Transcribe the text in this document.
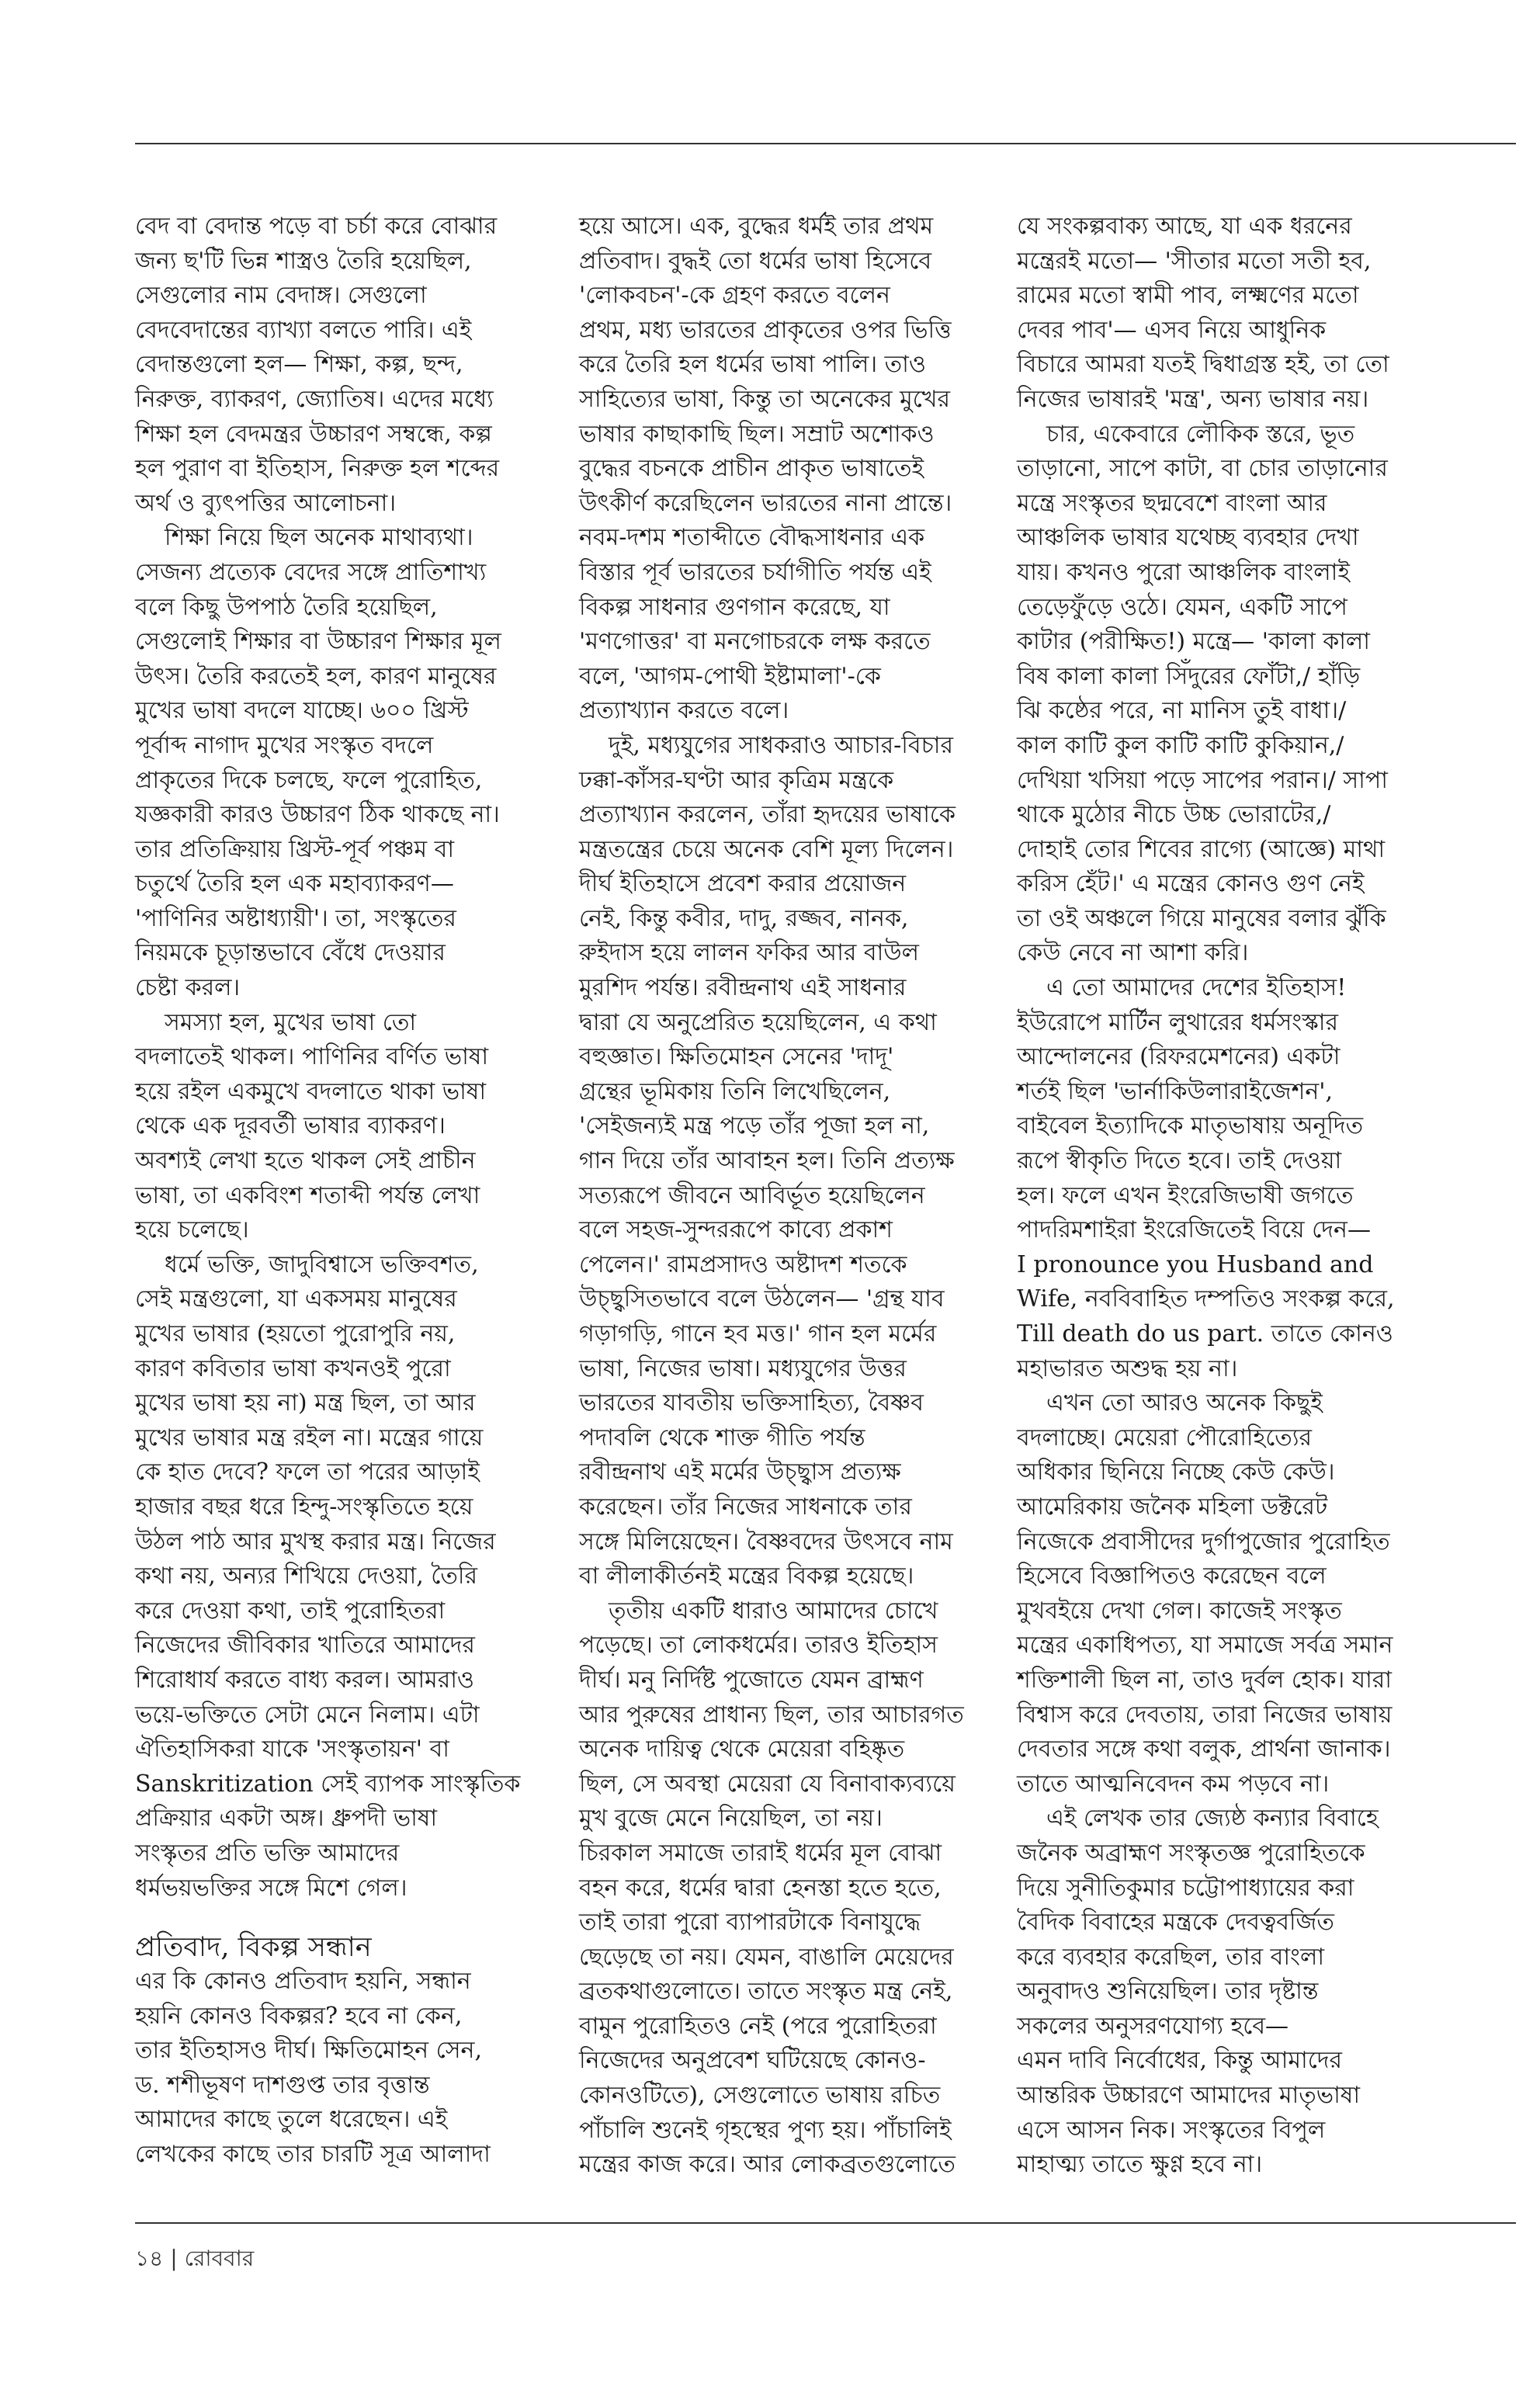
বেদ বা বেদান্ত পড়ে বা চর্চা করে বোঝার
জন্য ছ'টি ভিন্ন শাস্ত্রও তৈরি হয়েছিল,
সেগুলোর নাম বেদাঙ্গ। সেগুলো
বেদবেদান্তের ব্যাখ্যা বলতে পারি। এই
বেদান্তগুলো হল— শিক্ষা, কল্প, ছন্দ,
নিরুক্ত, ব্যাকরণ, জ্যোতিষ। এদের মধ্যে
শিক্ষা হল বেদমন্ত্রর উচ্চারণ সম্বন্ধে, কল্প
হল পুরাণ বা ইতিহাস, নিরুক্ত হল শব্দের
অর্থ ও ব্যুৎপত্তির আলোচনা।
শিক্ষা নিয়ে ছিল অনেক মাথাব্যথা।
সেজন্য প্রত্যেক বেদের সঙ্গে প্রাতিশাখ্য
বলে কিছু উপপাঠ তৈরি হয়েছিল,
সেগুলোই শিক্ষার বা উচ্চারণ শিক্ষার মূল
উৎস। তৈরি করতেই হল, কারণ মানুষের
মুখের ভাষা বদলে যাচ্ছে। ৬০০ খ্রিস্ট
পূর্বাব্দ নাগাদ মুখের সংস্কৃত বদলে
প্রাকৃতের দিকে চলছে, ফলে পুরোহিত,
যজ্ঞকারী কারও উচ্চারণ ঠিক থাকছে না।
তার প্রতিক্রিয়ায় খ্রিস্ট-পূর্ব পঞ্চম বা
চতুর্থে তৈরি হল এক মহাব্যাকরণ—
'পাণিনির অষ্টাধ্যায়ী'। তা, সংস্কৃতের
নিয়মকে চূড়ান্তভাবে বেঁধে দেওয়ার
চেষ্টা করল।
সমস্যা হল, মুখের ভাষা তো
বদলাতেই থাকল। পাণিনির বর্ণিত ভাষা
হয়ে রইল একমুখে বদলাতে থাকা ভাষা
থেকে এক দূরবর্তী ভাষার ব্যাকরণ।
অবশ্যই লেখা হতে থাকল সেই প্রাচীন
ভাষা, তা একবিংশ শতাব্দী পর্যন্ত লেখা
হয়ে চলেছে।
ধর্মে ভক্তি, জাদুবিশ্বাসে ভক্তিবশত,
সেই মন্ত্রগুলো, যা একসময় মানুষের
মুখের ভাষার (হয়তো পুরোপুরি নয়,
কারণ কবিতার ভাষা কখনওই পুরো
মুখের ভাষা হয় না) মন্ত্র ছিল, তা আর
মুখের ভাষার মন্ত্র রইল না। মন্ত্রের গায়ে
কে হাত দেবে? ফলে তা পরের আড়াই
হাজার বছর ধরে হিন্দু-সংস্কৃতিতে হয়ে
উঠল পাঠ আর মুখস্থ করার মন্ত্র। নিজের
কথা নয়, অন্যর শিখিয়ে দেওয়া, তৈরি
করে দেওয়া কথা, তাই পুরোহিতরা
নিজেদের জীবিকার খাতিরে আমাদের
শিরোধার্য করতে বাধ্য করল। আমরাও
ভয়ে-ভক্তিতে সেটা মেনে নিলাম। এটা
ঐতিহাসিকরা যাকে 'সংস্কৃতায়ন' বা
Sanskritization সেই ব্যাপক সাংস্কৃতিক
প্রক্রিয়ার একটা অঙ্গ। ধ্রুপদী ভাষা
সংস্কৃতর প্রতি ভক্তি আমাদের
ধর্মভয়ভক্তির সঙ্গে মিশে গেল।
প্রতিবাদ, বিকল্প সন্ধান
এর কি কোনও প্রতিবাদ হয়নি, সন্ধান
হয়নি কোনও বিকল্পর? হবে না কেন,
তার ইতিহাসও দীর্ঘ। ক্ষিতিমোহন সেন,
ড. শশীভূষণ দাশগুপ্ত তার বৃত্তান্ত
আমাদের কাছে তুলে ধরেছেন। এই
লেখকের কাছে তার চারটি সূত্র আলাদা
হয়ে আসে। এক, বুদ্ধের ধর্মই তার প্রথম
প্রতিবাদ। বুদ্ধই তো ধর্মের ভাষা হিসেবে
'লোকবচন'-কে গ্রহণ করতে বলেন
প্রথম, মধ্য ভারতের প্রাকৃতের ওপর ভিত্তি
করে তৈরি হল ধর্মের ভাষা পালি। তাও
সাহিত্যের ভাষা, কিন্তু তা অনেকের মুখের
ভাষার কাছাকাছি ছিল। সম্রাট অশোকও
বুদ্ধের বচনকে প্রাচীন প্রাকৃত ভাষাতেই
উৎকীর্ণ করেছিলেন ভারতের নানা প্রান্তে।
নবম-দশম শতাব্দীতে বৌদ্ধসাধনার এক
বিস্তার পূর্ব ভারতের চর্যাগীতি পর্যন্ত এই
বিকল্প সাধনার গুণগান করেছে, যা
'মণগোত্তর' বা মনগোচরকে লক্ষ করতে
বলে, 'আগম-পোথী ইষ্টামালা'-কে
প্রত্যাখ্যান করতে বলে।
দুই, মধ্যযুগের সাধকরাও আচার-বিচার
ঢক্কা-কাঁসর-ঘণ্টা আর কৃত্রিম মন্ত্রকে
প্রত্যাখ্যান করলেন, তাঁরা হৃদয়ের ভাষাকে
মন্ত্রতন্ত্রের চেয়ে অনেক বেশি মূল্য দিলেন।
দীর্ঘ ইতিহাসে প্রবেশ করার প্রয়োজন
নেই, কিন্তু কবীর, দাদু, রজ্জব, নানক,
রুইদাস হয়ে লালন ফকির আর বাউল
মুরশিদ পর্যন্ত। রবীন্দ্রনাথ এই সাধনার
দ্বারা যে অনুপ্রেরিত হয়েছিলেন, এ কথা
বহুজ্ঞাত। ক্ষিতিমোহন সেনের 'দাদূ'
গ্রন্থের ভূমিকায় তিনি লিখেছিলেন,
'সেইজন্যই মন্ত্র পড়ে তাঁর পূজা হল না,
গান দিয়ে তাঁর আবাহন হল। তিনি প্রত্যক্ষ
সত্যরূপে জীবনে আবির্ভূত হয়েছিলেন
বলে সহজ-সুন্দররূপে কাব্যে প্রকাশ
পেলেন।' রামপ্রসাদও অষ্টাদশ শতকে
উচ্ছ্বসিতভাবে বলে উঠলেন— 'গ্রন্থ যাব
গড়াগড়ি, গানে হব মত্ত।' গান হল মর্মের
ভাষা, নিজের ভাষা। মধ্যযুগের উত্তর
ভারতের যাবতীয় ভক্তিসাহিত্য, বৈষ্ণব
পদাবলি থেকে শাক্ত গীতি পর্যন্ত
রবীন্দ্রনাথ এই মর্মের উচ্ছ্বাস প্রত্যক্ষ
করেছেন। তাঁর নিজের সাধনাকে তার
সঙ্গে মিলিয়েছেন। বৈষ্ণবদের উৎসবে নাম
বা লীলাকীর্তনই মন্ত্রের বিকল্প হয়েছে।
তৃতীয় একটি ধারাও আমাদের চোখে
পড়েছে। তা লোকধর্মের। তারও ইতিহাস
দীর্ঘ। মনু নির্দিষ্ট পুজোতে যেমন ব্রাহ্মণ
আর পুরুষের প্রাধান্য ছিল, তার আচারগত
অনেক দায়িত্ব থেকে মেয়েরা বহিষ্কৃত
ছিল, সে অবস্থা মেয়েরা যে বিনাবাক্যব্যয়ে
মুখ বুজে মেনে নিয়েছিল, তা নয়।
চিরকাল সমাজে তারাই ধর্মের মূল বোঝা
বহন করে, ধর্মের দ্বারা হেনস্তা হতে হতে,
তাই তারা পুরো ব্যাপারটাকে বিনাযুদ্ধে
ছেড়েছে তা নয়। যেমন, বাঙালি মেয়েদের
ব্রতকথাগুলোতে। তাতে সংস্কৃত মন্ত্র নেই,
বামুন পুরোহিতও নেই (পরে পুরোহিতরা
নিজেদের অনুপ্রবেশ ঘটিয়েছে কোনও-
কোনওটিতে), সেগুলোতে ভাষায় রচিত
পাঁচালি শুনেই গৃহস্থের পুণ্য হয়। পাঁচালিই
মন্ত্রের কাজ করে। আর লোকব্রতগুলোতে
যে সংকল্পবাক্য আছে, যা এক ধরনের
মন্ত্রেরই মতো— 'সীতার মতো সতী হব,
রামের মতো স্বামী পাব, লক্ষ্মণের মতো
দেবর পাব'— এসব নিয়ে আধুনিক
বিচারে আমরা যতই দ্বিধাগ্রস্ত হই, তা তো
নিজের ভাষারই 'মন্ত্র', অন্য ভাষার নয়।
চার, একেবারে লৌকিক স্তরে, ভূত
তাড়ানো, সাপে কাটা, বা চোর তাড়ানোর
মন্ত্রে সংস্কৃতর ছদ্মবেশে বাংলা আর
আঞ্চলিক ভাষার যথেচ্ছ ব্যবহার দেখা
যায়। কখনও পুরো আঞ্চলিক বাংলাই
তেড়েফুঁড়ে ওঠে। যেমন, একটি সাপে
কাটার (পরীক্ষিত!) মন্ত্রে— 'কালা কালা
বিষ কালা কালা সিঁদুরের ফোঁটা,/ হাঁড়ি
ঝি কষ্ঠের পরে, না মানিস তুই বাধা।/
কাল কাটি কুল কাটি কাটি কুকিয়ান,/
দেখিয়া খসিয়া পড়ে সাপের পরান।/ সাপা
থাকে মুঠোর নীচে উচ্চ ভোরাটের,/
দোহাই তোর শিবের রাগ্যে (আজ্ঞে) মাথা
করিস হেঁট।' এ মন্ত্রের কোনও গুণ নেই
তা ওই অঞ্চলে গিয়ে মানুষের বলার ঝুঁকি
কেউ নেবে না আশা করি।
এ তো আমাদের দেশের ইতিহাস!
ইউরোপে মার্টিন লুথারের ধর্মসংস্কার
আন্দোলনের (রিফরমেশনের) একটা
শর্তই ছিল 'ভার্নাকিউলারাইজেশন',
বাইবেল ইত্যাদিকে মাতৃভাষায় অনূদিত
রূপে স্বীকৃতি দিতে হবে। তাই দেওয়া
হল। ফলে এখন ইংরেজিভাষী জগতে
পাদরিমশাইরা ইংরেজিতেই বিয়ে দেন—
I pronounce you Husband and
Wife, নববিবাহিত দম্পতিও সংকল্প করে,
Till death do us part. তাতে কোনও
মহাভারত অশুদ্ধ হয় না।
এখন তো আরও অনেক কিছুই
বদলাচ্ছে। মেয়েরা পৌরোহিত্যের
অধিকার ছিনিয়ে নিচ্ছে কেউ কেউ।
আমেরিকায় জনৈক মহিলা ডক্টরেট
নিজেকে প্রবাসীদের দুর্গাপুজোর পুরোহিত
হিসেবে বিজ্ঞাপিতও করেছেন বলে
মুখবইয়ে দেখা গেল। কাজেই সংস্কৃত
মন্ত্রের একাধিপত্য, যা সমাজে সর্বত্র সমান
শক্তিশালী ছিল না, তাও দুর্বল হোক। যারা
বিশ্বাস করে দেবতায়, তারা নিজের ভাষায়
দেবতার সঙ্গে কথা বলুক, প্রার্থনা জানাক।
তাতে আত্মনিবেদন কম পড়বে না।
এই লেখক তার জ্যেষ্ঠ কন্যার বিবাহে
জনৈক অব্রাহ্মণ সংস্কৃতজ্ঞ পুরোহিতকে
দিয়ে সুনীতিকুমার চট্টোপাধ্যায়ের করা
বৈদিক বিবাহের মন্ত্রকে দেবত্ববর্জিত
করে ব্যবহার করেছিল, তার বাংলা
অনুবাদও শুনিয়েছিল। তার দৃষ্টান্ত
সকলের অনুসরণযোগ্য হবে—
এমন দাবি নির্বোধের, কিন্তু আমাদের
আন্তরিক উচ্চারণে আমাদের মাতৃভাষা
এসে আসন নিক। সংস্কৃতের বিপুল
মাহাত্ম্য তাতে ক্ষুণ্ণ হবে না।
১৪ | রোববার
